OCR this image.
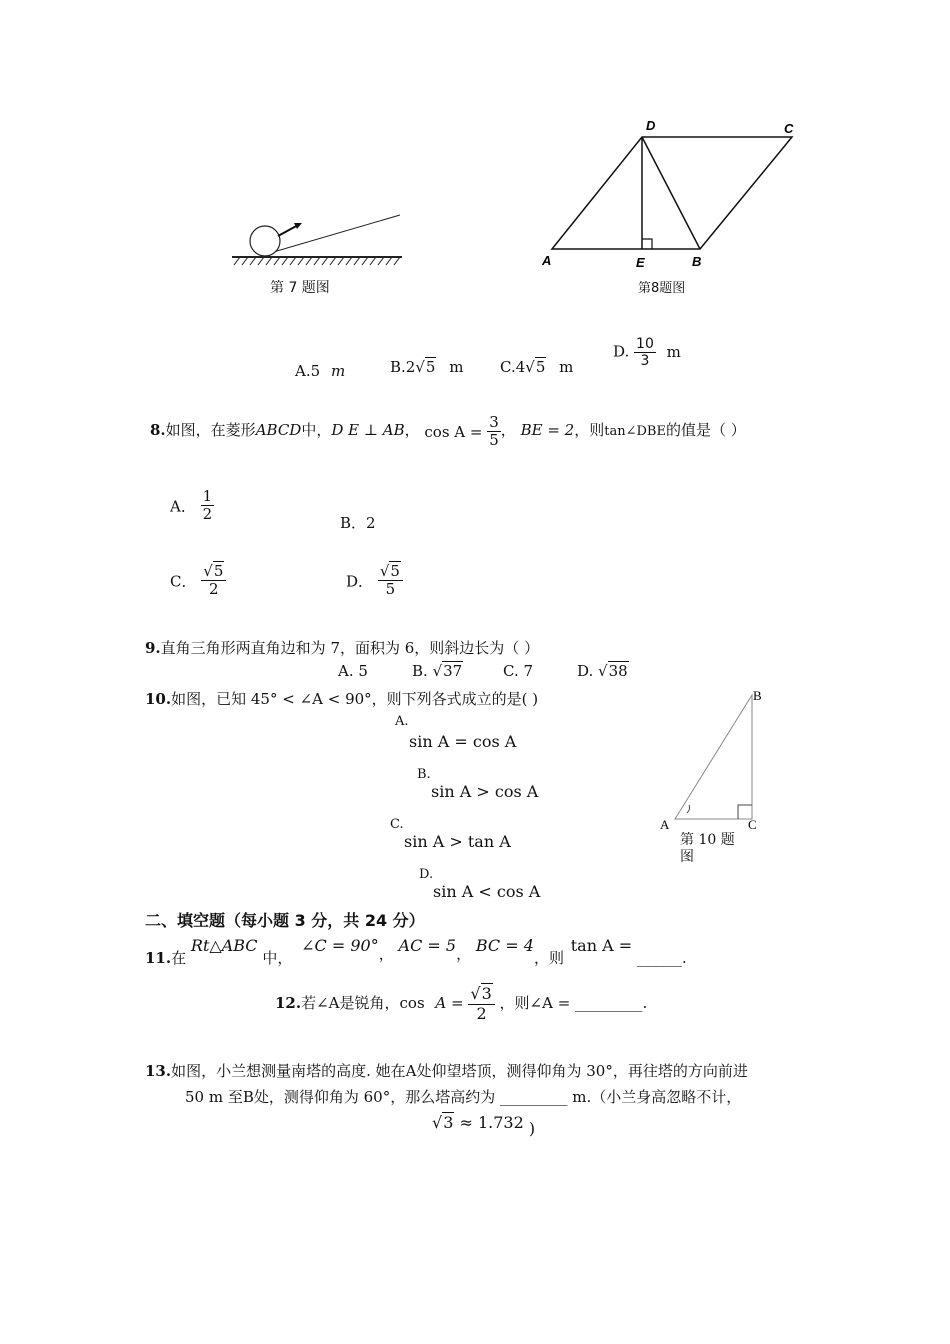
第 7 题图
A	E	B
D	C
第8题图
A.5 m	B.2√5 m C.4√5 m
D. $\frac{10}{3}$ m
8.如图，在菱形ABCD中，D E ⊥ AB， $\cos A = \frac{3}{5}$ ， BE = 2，则tan∠DBE的值是（ ）
A． $\frac{1}{2}$	B．2
C． $\frac{√5}{2}$	D． $\frac{√5}{5}$
9.直角三角形两直角边和为 7，面积为 6，则斜边长为（ ）
A. 5	B. √37	C. 7	D. √38
10.如图，已知 45° < ∠A < 90°，则下列各式成立的是( )
A.
sin A = cos A
B.
sin A > cos A
C.
sin A > tan A
D.
sin A < cos A
A
B
C
第 10 题
图
二、填空题（每小题 3 分，共 24 分）
11.在 Rt△ABC 中， ∠C = 90°， AC = 5， BC = 4，则 tan A = ______.
12.若∠A是锐角，$\cos A = \frac{√3}{2}$ ，则∠A = _________.
13.如图，小兰想测量南塔的高度. 她在A处仰望塔顶，测得仰角为 30°，再往塔的方向前进
50 m 至B处，测得仰角为 60°，那么塔高约为 _________ m.（小兰身高忽略不计，
√3 ≈ 1.732 )
